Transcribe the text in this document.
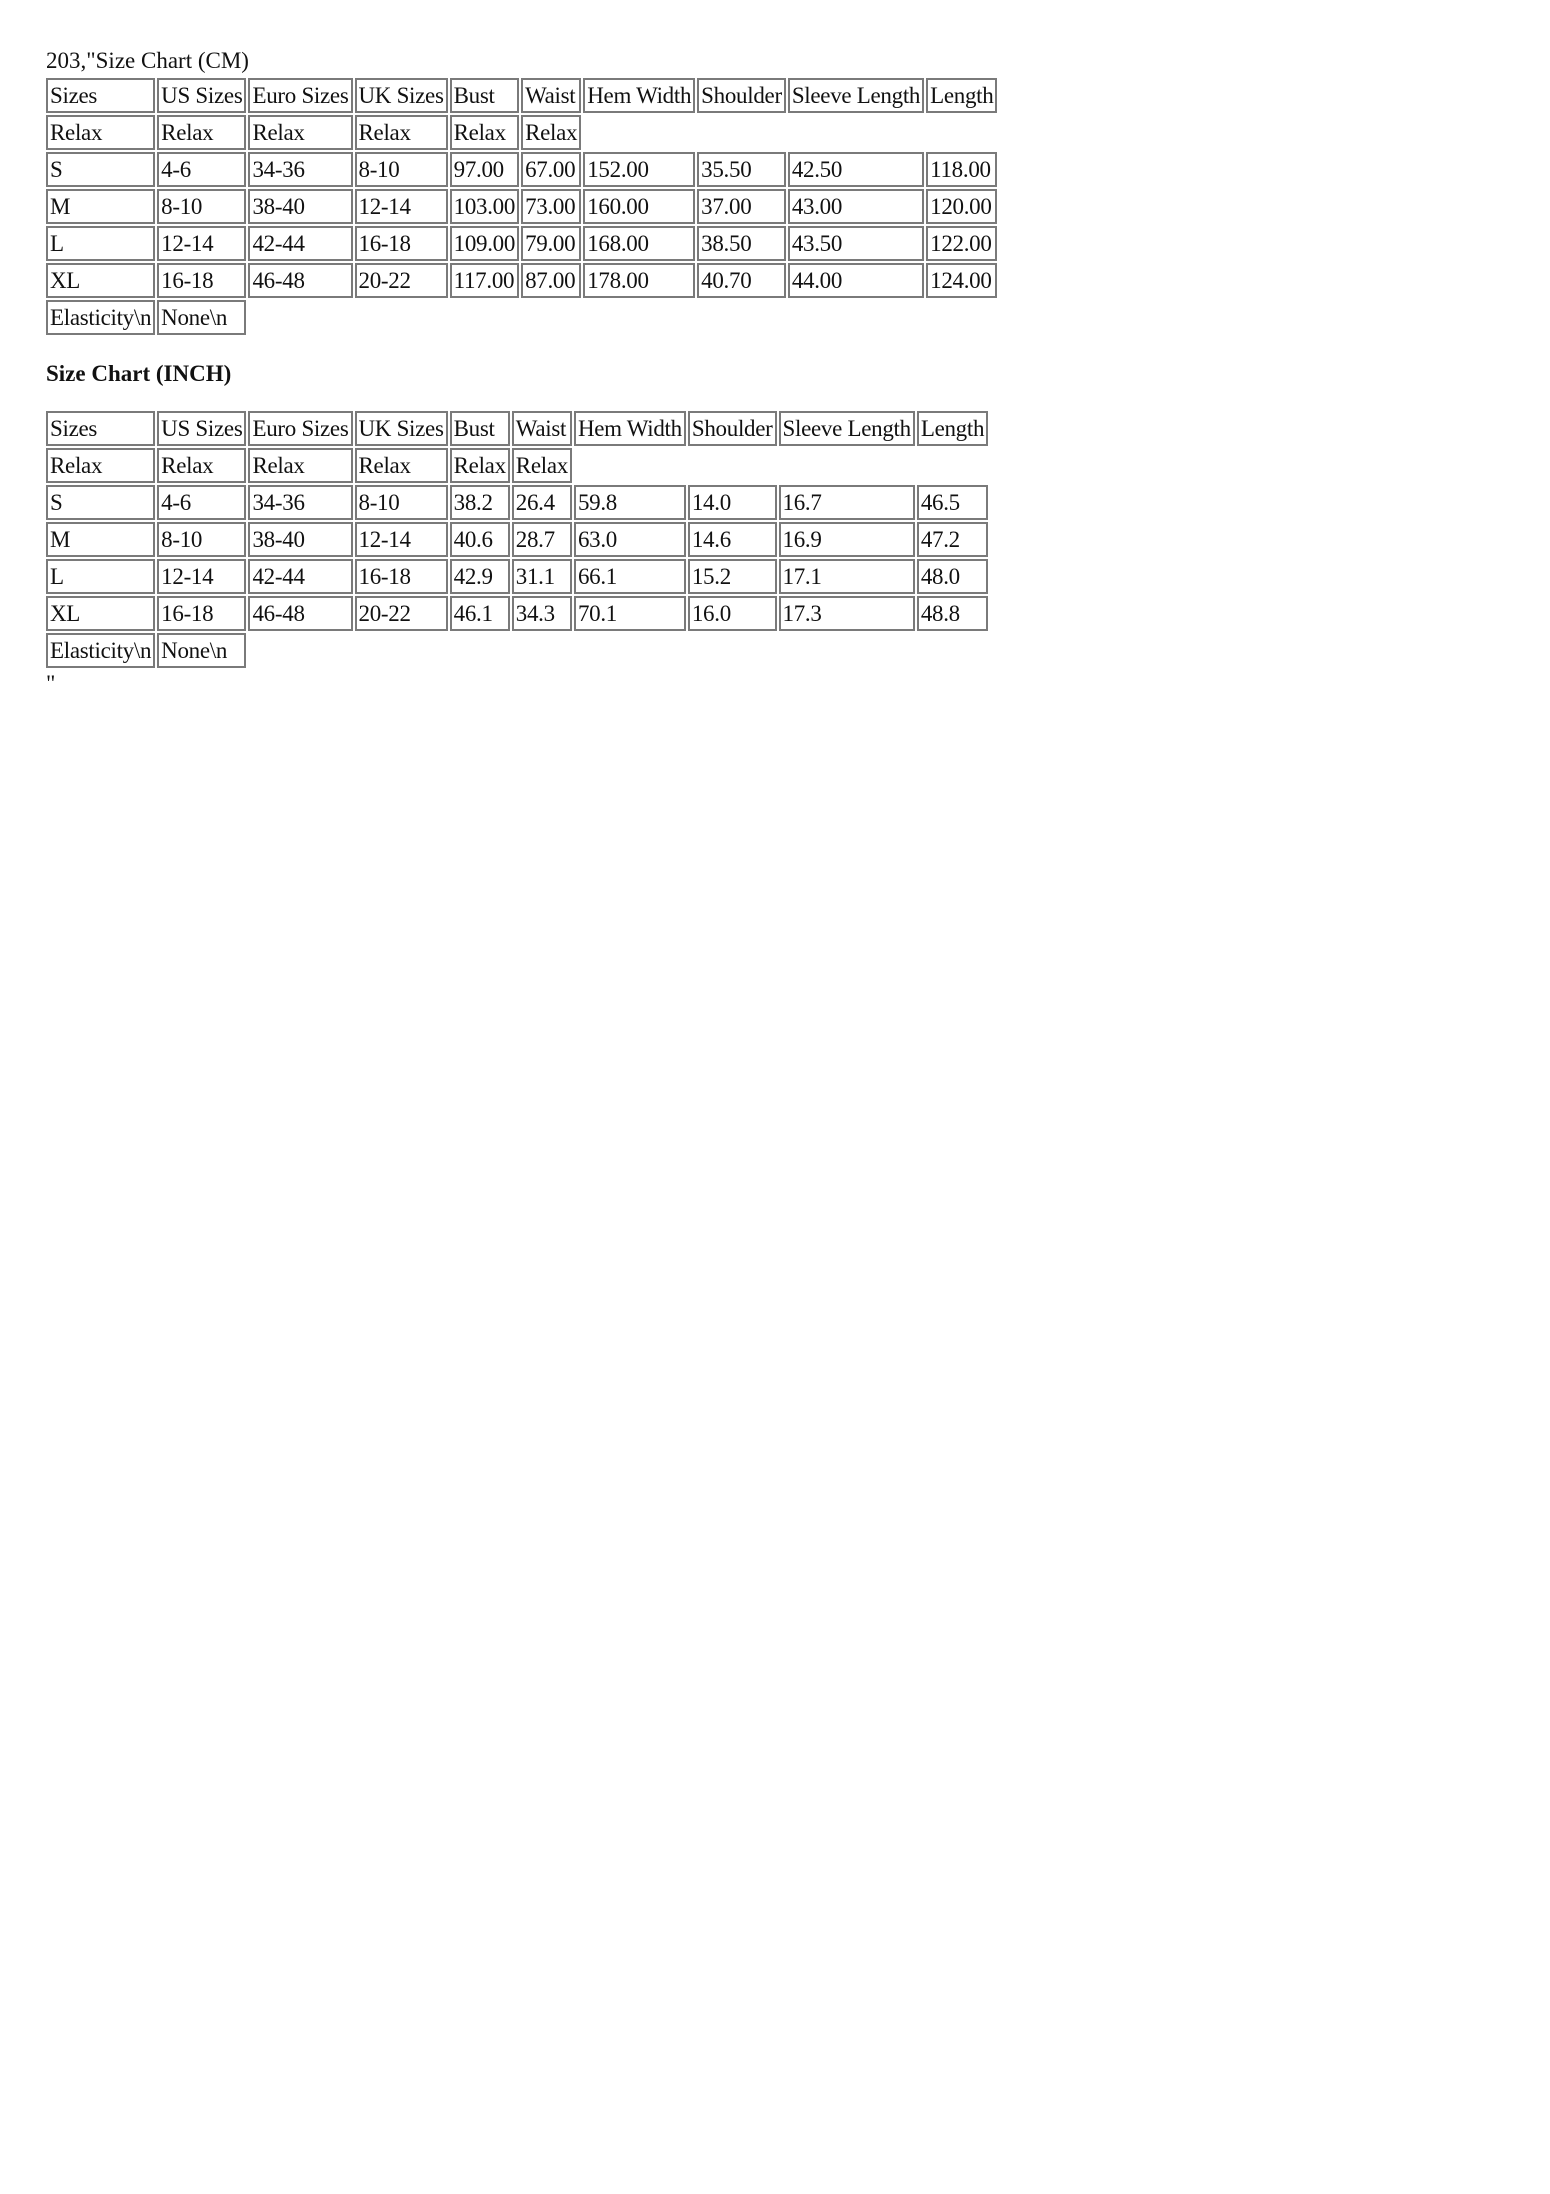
203,"Size Chart (CM)
Sizes	US Sizes	Euro Sizes	UK Sizes	Bust	Waist	Hem Width	Shoulder	Sleeve Length	Length
Relax	Relax	Relax	Relax	Relax	Relax				
S	4-6	34-36	8-10	97.00	67.00	152.00	35.50	42.50	118.00
M	8-10	38-40	12-14	103.00	73.00	160.00	37.00	43.00	120.00
L	12-14	42-44	16-18	109.00	79.00	168.00	38.50	43.50	122.00
XL	16-18	46-48	20-22	117.00	87.00	178.00	40.70	44.00	124.00
Elasticity\n	None\n								
Size Chart (INCH)
Sizes	US Sizes	Euro Sizes	UK Sizes	Bust	Waist	Hem Width	Shoulder	Sleeve Length	Length
Relax	Relax	Relax	Relax	Relax	Relax				
S	4-6	34-36	8-10	38.2	26.4	59.8	14.0	16.7	46.5
M	8-10	38-40	12-14	40.6	28.7	63.0	14.6	16.9	47.2
L	12-14	42-44	16-18	42.9	31.1	66.1	15.2	17.1	48.0
XL	16-18	46-48	20-22	46.1	34.3	70.1	16.0	17.3	48.8
Elasticity\n	None\n								
"
